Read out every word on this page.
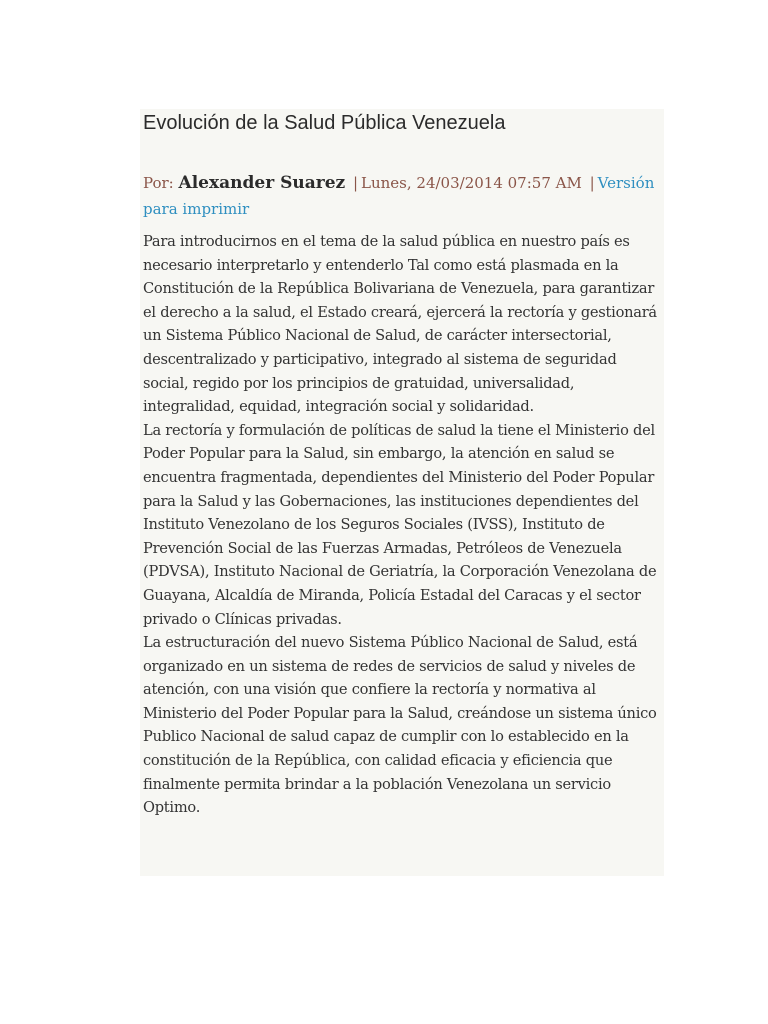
Evolución de la Salud Pública Venezuela
Por: Alexander Suarez | Lunes, 24/03/2014 07:57 AM | Versión para imprimir

Para introducirnos en el tema de la salud pública en nuestro país es necesario interpretarlo y entenderlo Tal como está plasmada en la Constitución de la República Bolivariana de Venezuela, para garantizar el derecho a la salud, el Estado creará, ejercerá la rectoría y gestionará un Sistema Público Nacional de Salud, de carácter intersectorial, descentralizado y participativo, integrado al sistema de seguridad social, regido por los principios de gratuidad, universalidad, integralidad, equidad, integración social y solidaridad.

La rectoría y formulación de políticas de salud la tiene el Ministerio del Poder Popular para la Salud, sin embargo, la atención en salud se encuentra fragmentada, dependientes del Ministerio del Poder Popular para la Salud y las Gobernaciones, las instituciones dependientes del Instituto Venezolano de los Seguros Sociales (IVSS), Instituto de Prevención Social de las Fuerzas Armadas, Petróleos de Venezuela (PDVSA), Instituto Nacional de Geriatría, la Corporación Venezolana de Guayana, Alcaldía de Miranda, Policía Estadal del Caracas y el sector privado o Clínicas privadas.

La estructuración del nuevo Sistema Público Nacional de Salud, está organizado en un sistema de redes de servicios de salud y niveles de atención, con una visión que confiere la rectoría y normativa al Ministerio del Poder Popular para la Salud, creándose un sistema único Publico Nacional de salud capaz de cumplir con lo establecido en la constitución de la República, con calidad eficacia y eficiencia que finalmente permita brindar a la población Venezolana un servicio Optimo.
